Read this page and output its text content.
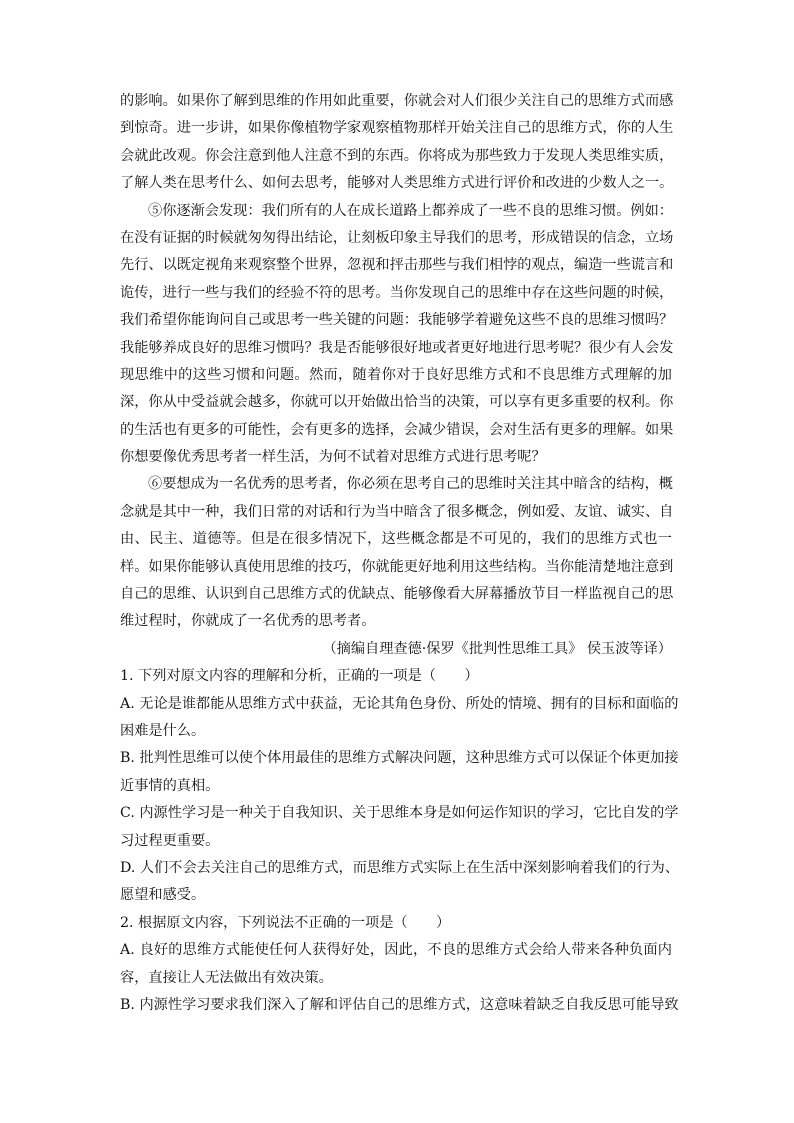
的影响。如果你了解到思维的作用如此重要，你就会对人们很少关注自己的思维方式而感
到惊奇。进一步讲，如果你像植物学家观察植物那样开始关注自己的思维方式，你的人生
会就此改观。你会注意到他人注意不到的东西。你将成为那些致力于发现人类思维实质，
了解人类在思考什么、如何去思考，能够对人类思维方式进行评价和改进的少数人之一。
⑤你逐渐会发现：我们所有的人在成长道路上都养成了一些不良的思维习惯。例如：
在没有证据的时候就匆匆得出结论，让刻板印象主导我们的思考，形成错误的信念，立场
先行、以既定视角来观察整个世界，忽视和抨击那些与我们相悖的观点，编造一些谎言和
诡传，进行一些与我们的经验不符的思考。当你发现自己的思维中存在这些问题的时候，
我们希望你能询问自己或思考一些关键的问题：我能够学着避免这些不良的思维习惯吗？
我能够养成良好的思维习惯吗？我是否能够很好地或者更好地进行思考呢？很少有人会发
现思维中的这些习惯和问题。然而，随着你对于良好思维方式和不良思维方式理解的加
深，你从中受益就会越多，你就可以开始做出恰当的决策，可以享有更多重要的权利。你
的生活也有更多的可能性，会有更多的选择，会减少错误，会对生活有更多的理解。如果
你想要像优秀思考者一样生活，为何不试着对思维方式进行思考呢？
⑥要想成为一名优秀的思考者，你必须在思考自己的思维时关注其中暗含的结构，概
念就是其中一种，我们日常的对话和行为当中暗含了很多概念，例如爱、友谊、诚实、自
由、民主、道德等。但是在很多情况下，这些概念都是不可见的，我们的思维方式也一
样。如果你能够认真使用思维的技巧，你就能更好地利用这些结构。当你能清楚地注意到
自己的思维、认识到自己思维方式的优缺点、能够像看大屏幕播放节目一样监视自己的思
维过程时，你就成了一名优秀的思考者。
（摘编自理查德·保罗《批判性思维工具》 侯玉波等译）
1. 下列对原文内容的理解和分析，正确的一项是（　　）
A. 无论是谁都能从思维方式中获益，无论其角色身份、所处的情境、拥有的目标和面临的
困难是什么。
B. 批判性思维可以使个体用最佳的思维方式解决问题，这种思维方式可以保证个体更加接
近事情的真相。
C. 内源性学习是一种关于自我知识、关于思维本身是如何运作知识的学习，它比自发的学
习过程更重要。
D. 人们不会去关注自己的思维方式，而思维方式实际上在生活中深刻影响着我们的行为、
愿望和感受。
2. 根据原文内容，下列说法不正确的一项是（　　）
A. 良好的思维方式能使任何人获得好处，因此，不良的思维方式会给人带来各种负面内
容，直接让人无法做出有效决策。
B. 内源性学习要求我们深入了解和评估自己的思维方式，这意味着缺乏自我反思可能导致
